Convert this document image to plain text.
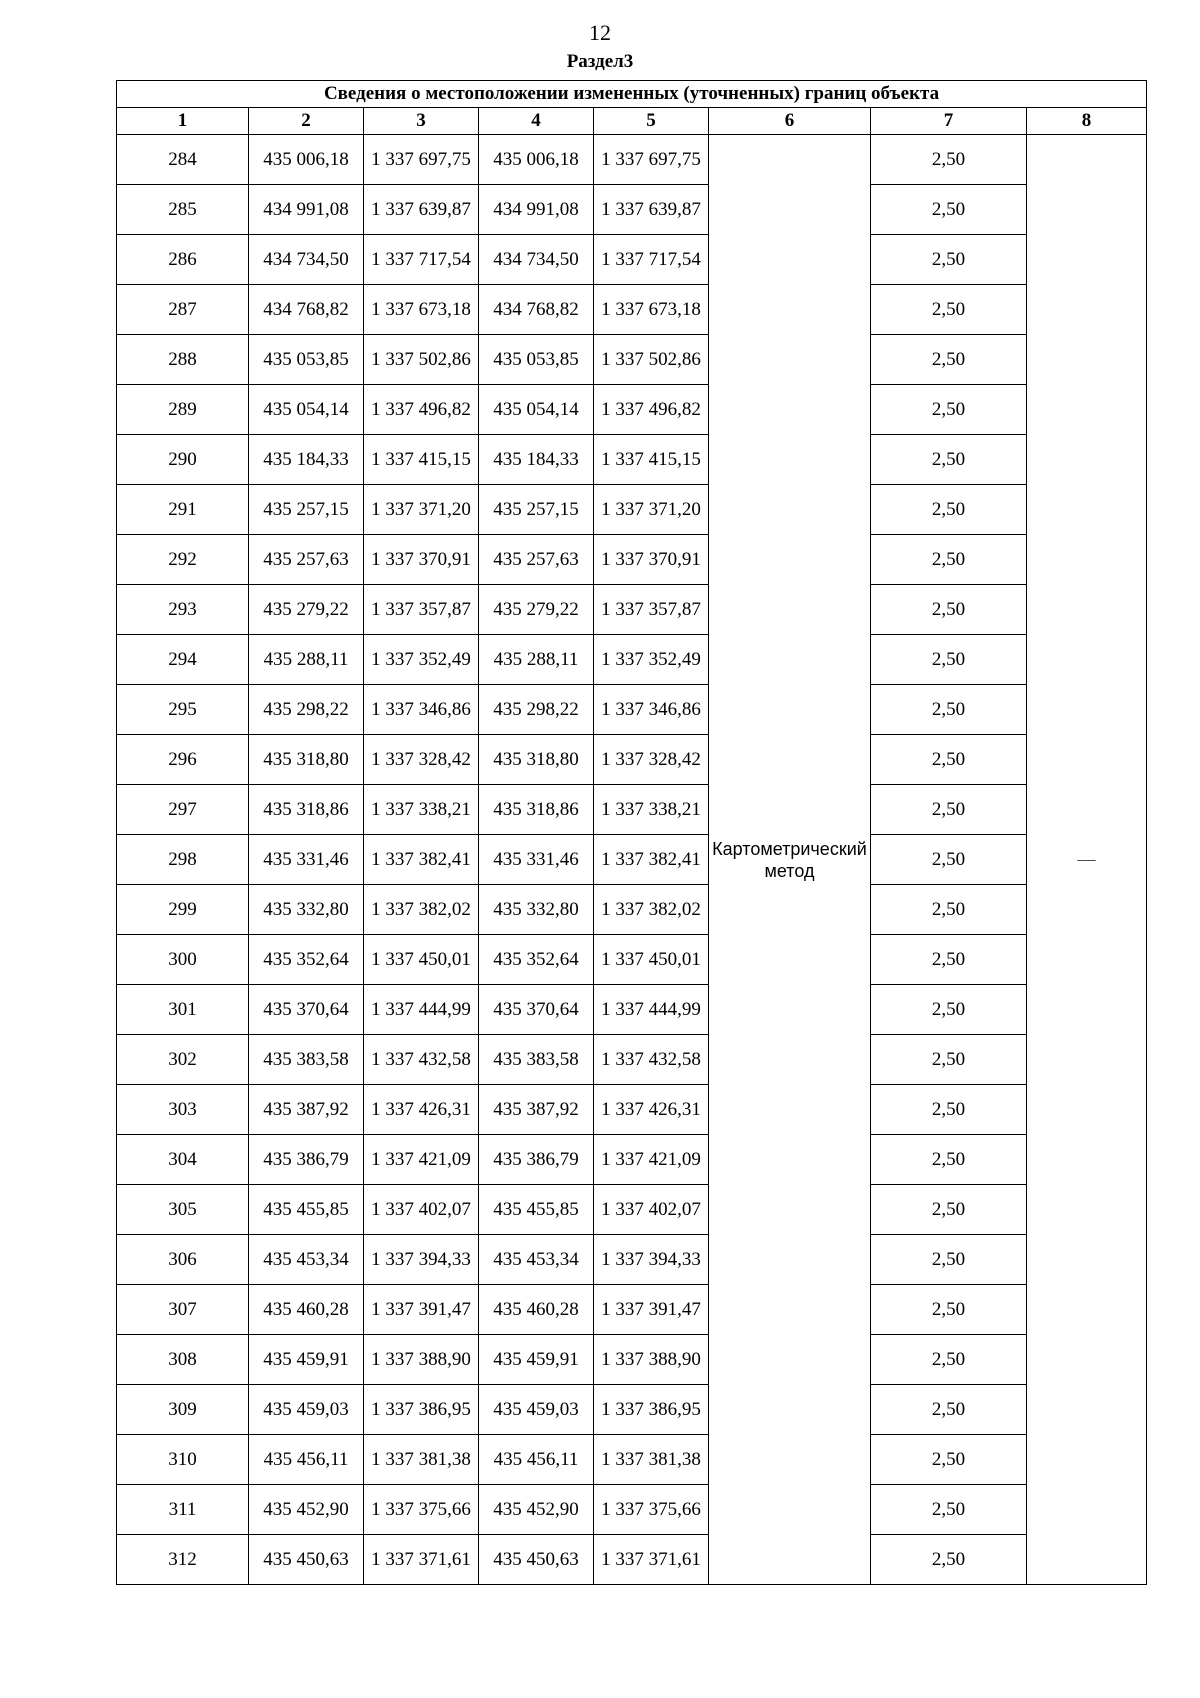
12
Раздел3
Сведения о местоположении измененных (уточненных) границ объекта							
1	2	3	4	5	6	7	8
284	435 006,18	1 337 697,75	435 006,18	1 337 697,75	Картометрический метод	2,50	—
285	434 991,08	1 337 639,87	434 991,08	1 337 639,87		2,50	
286	434 734,50	1 337 717,54	434 734,50	1 337 717,54		2,50	
287	434 768,82	1 337 673,18	434 768,82	1 337 673,18		2,50	
288	435 053,85	1 337 502,86	435 053,85	1 337 502,86		2,50	
289	435 054,14	1 337 496,82	435 054,14	1 337 496,82		2,50	
290	435 184,33	1 337 415,15	435 184,33	1 337 415,15		2,50	
291	435 257,15	1 337 371,20	435 257,15	1 337 371,20		2,50	
292	435 257,63	1 337 370,91	435 257,63	1 337 370,91		2,50	
293	435 279,22	1 337 357,87	435 279,22	1 337 357,87		2,50	
294	435 288,11	1 337 352,49	435 288,11	1 337 352,49		2,50	
295	435 298,22	1 337 346,86	435 298,22	1 337 346,86		2,50	
296	435 318,80	1 337 328,42	435 318,80	1 337 328,42		2,50	
297	435 318,86	1 337 338,21	435 318,86	1 337 338,21		2,50	
298	435 331,46	1 337 382,41	435 331,46	1 337 382,41		2,50	
299	435 332,80	1 337 382,02	435 332,80	1 337 382,02		2,50	
300	435 352,64	1 337 450,01	435 352,64	1 337 450,01		2,50	
301	435 370,64	1 337 444,99	435 370,64	1 337 444,99		2,50	
302	435 383,58	1 337 432,58	435 383,58	1 337 432,58		2,50	
303	435 387,92	1 337 426,31	435 387,92	1 337 426,31		2,50	
304	435 386,79	1 337 421,09	435 386,79	1 337 421,09		2,50	
305	435 455,85	1 337 402,07	435 455,85	1 337 402,07		2,50	
306	435 453,34	1 337 394,33	435 453,34	1 337 394,33		2,50	
307	435 460,28	1 337 391,47	435 460,28	1 337 391,47		2,50	
308	435 459,91	1 337 388,90	435 459,91	1 337 388,90		2,50	
309	435 459,03	1 337 386,95	435 459,03	1 337 386,95		2,50	
310	435 456,11	1 337 381,38	435 456,11	1 337 381,38		2,50	
311	435 452,90	1 337 375,66	435 452,90	1 337 375,66		2,50	
312	435 450,63	1 337 371,61	435 450,63	1 337 371,61		2,50	
